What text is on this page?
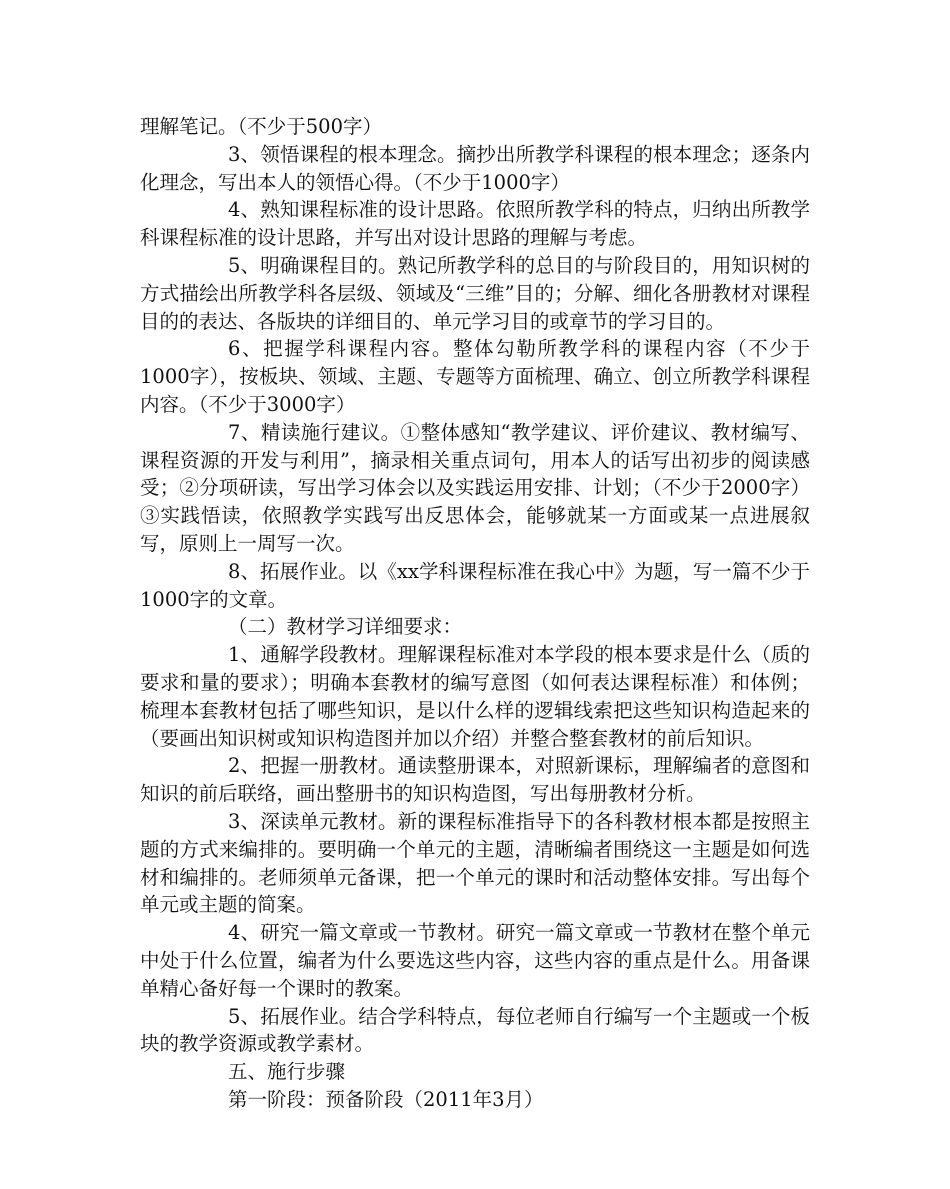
理解笔记。（不少于500字）

3、领悟课程的根本理念。摘抄出所教学科课程的根本理念；逐条内化理念，写出本人的领悟心得。（不少于1000字）

4、熟知课程标准的设计思路。依照所教学科的特点，归纳出所教学科课程标准的设计思路，并写出对设计思路的理解与考虑。

5、明确课程目的。熟记所教学科的总目的与阶段目的，用知识树的方式描绘出所教学科各层级、领域及“三维”目的；分解、细化各册教材对课程目的的表达、各版块的详细目的、单元学习目的或章节的学习目的。

6、把握学科课程内容。整体勾勒所教学科的课程内容（不少于1000字），按板块、领域、主题、专题等方面梳理、确立、创立所教学科课程内容。（不少于3000字）

7、精读施行建议。①整体感知“教学建议、评价建议、教材编写、课程资源的开发与利用”，摘录相关重点词句，用本人的话写出初步的阅读感受；②分项研读，写出学习体会以及实践运用安排、计划；（不少于2000字）③实践悟读，依照教学实践写出反思体会，能够就某一方面或某一点进展叙写，原则上一周写一次。

8、拓展作业。以《xx学科课程标准在我心中》为题，写一篇不少于1000字的文章。

（二）教材学习详细要求：

1、通解学段教材。理解课程标准对本学段的根本要求是什么（质的要求和量的要求）；明确本套教材的编写意图（如何表达课程标准）和体例；梳理本套教材包括了哪些知识，是以什么样的逻辑线索把这些知识构造起来的（要画出知识树或知识构造图并加以介绍）并整合整套教材的前后知识。

2、把握一册教材。通读整册课本，对照新课标，理解编者的意图和知识的前后联络，画出整册书的知识构造图，写出每册教材分析。

3、深读单元教材。新的课程标准指导下的各科教材根本都是按照主题的方式来编排的。要明确一个单元的主题，清晰编者围绕这一主题是如何选材和编排的。老师须单元备课，把一个单元的课时和活动整体安排。写出每个单元或主题的简案。

4、研究一篇文章或一节教材。研究一篇文章或一节教材在整个单元中处于什么位置，编者为什么要选这些内容，这些内容的重点是什么。用备课单精心备好每一个课时的教案。

5、拓展作业。结合学科特点，每位老师自行编写一个主题或一个板块的教学资源或教学素材。

五、施行步骤

第一阶段：预备阶段（2011年3月）
